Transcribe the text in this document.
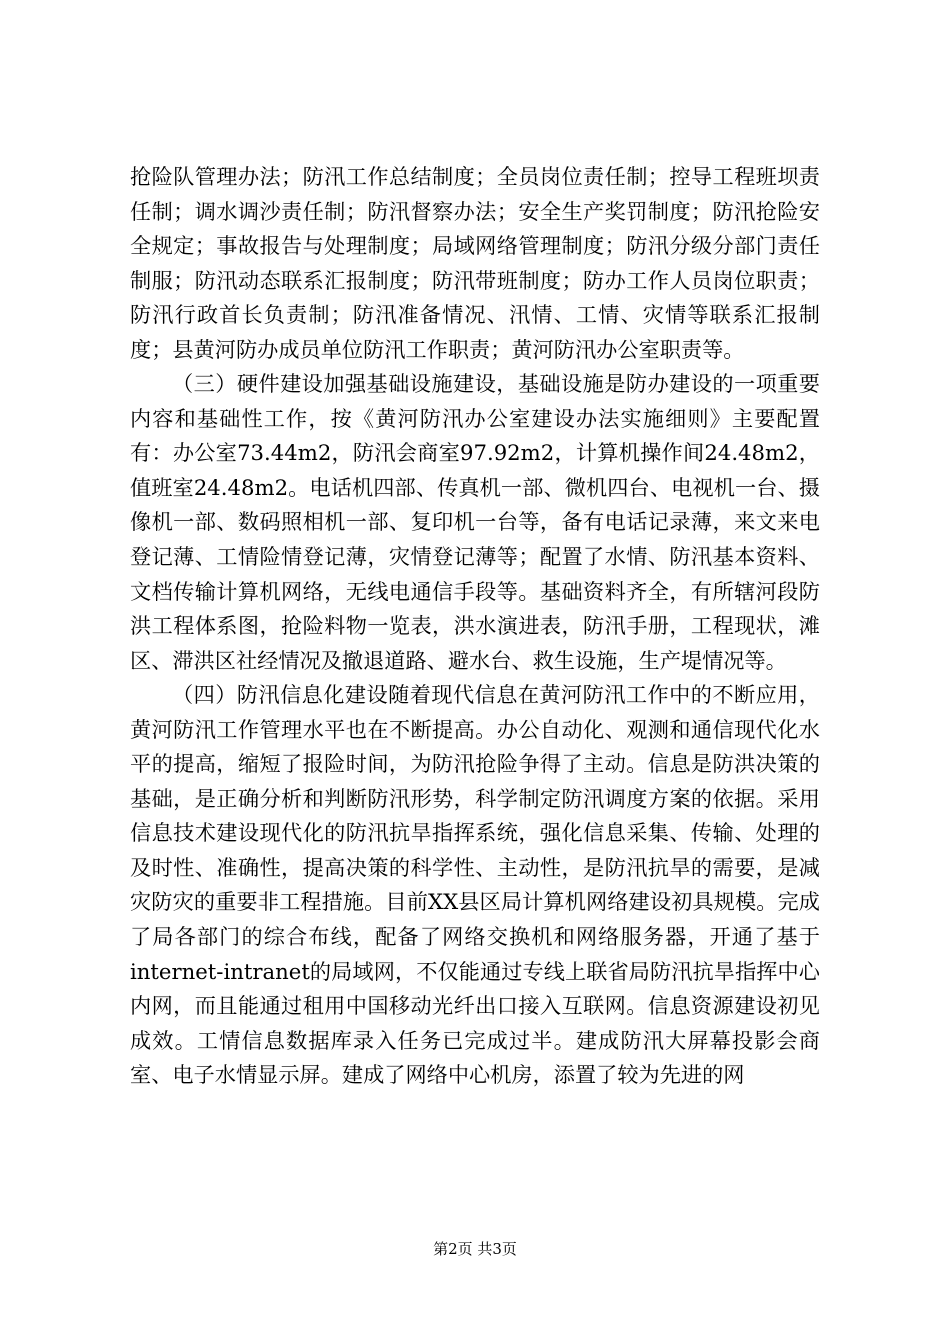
抢险队管理办法；防汛工作总结制度；全员岗位责任制；控导工程班坝责任制；调水调沙责任制；防汛督察办法；安全生产奖罚制度；防汛抢险安全规定；事故报告与处理制度；局域网络管理制度；防汛分级分部门责任制服；防汛动态联系汇报制度；防汛带班制度；防办工作人员岗位职责；防汛行政首长负责制；防汛准备情况、汛情、工情、灾情等联系汇报制度；县黄河防办成员单位防汛工作职责；黄河防汛办公室职责等。

（三）硬件建设加强基础设施建设，基础设施是防办建设的一项重要内容和基础性工作，按《黄河防汛办公室建设办法实施细则》主要配置有：办公室73.44m2，防汛会商室97.92m2，计算机操作间24.48m2，值班室24.48m2。电话机四部、传真机一部、微机四台、电视机一台、摄像机一部、数码照相机一部、复印机一台等，备有电话记录薄，来文来电登记薄、工情险情登记薄，灾情登记薄等；配置了水情、防汛基本资料、文档传输计算机网络，无线电通信手段等。基础资料齐全，有所辖河段防洪工程体系图，抢险料物一览表，洪水演进表，防汛手册，工程现状，滩区、滞洪区社经情况及撤退道路、避水台、救生设施，生产堤情况等。

（四）防汛信息化建设随着现代信息在黄河防汛工作中的不断应用，黄河防汛工作管理水平也在不断提高。办公自动化、观测和通信现代化水平的提高，缩短了报险时间，为防汛抢险争得了主动。信息是防洪决策的基础，是正确分析和判断防汛形势，科学制定防汛调度方案的依据。采用信息技术建设现代化的防汛抗旱指挥系统，强化信息采集、传输、处理的及时性、准确性，提高决策的科学性、主动性，是防汛抗旱的需要，是减灾防灾的重要非工程措施。目前XX县区局计算机网络建设初具规模。完成了局各部门的综合布线，配备了网络交换机和网络服务器，开通了基于internet-intranet的局域网，不仅能通过专线上联省局防汛抗旱指挥中心内网，而且能通过租用中国移动光纤出口接入互联网。信息资源建设初见成效。工情信息数据库录入任务已完成过半。建成防汛大屏幕投影会商室、电子水情显示屏。建成了网络中心机房，添置了较为先进的网

第2页 共3页
